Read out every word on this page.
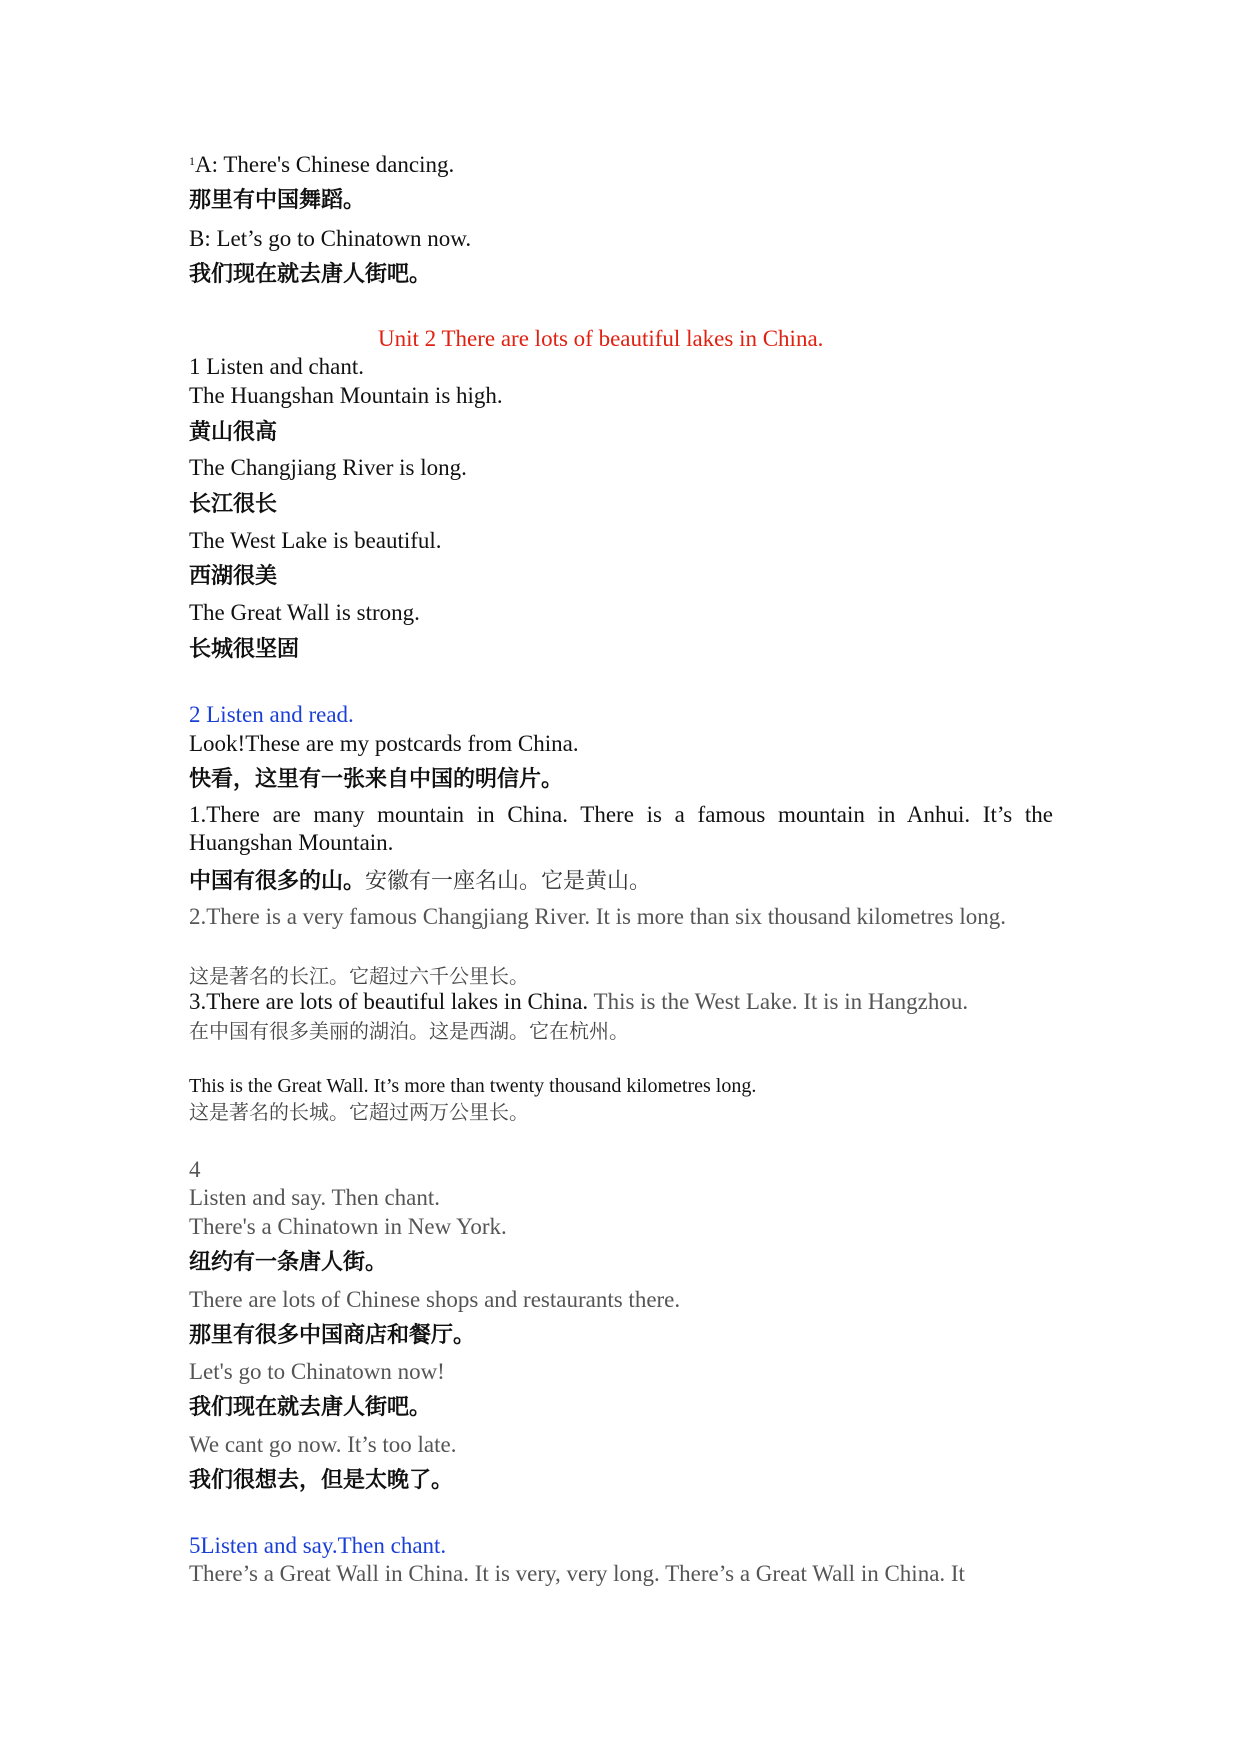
$^1$A: There's Chinese dancing.
那里有中国舞蹈。
B: Let’s go to Chinatown now.
我们现在就去唐人街吧。
Unit 2 There are lots of beautiful lakes in China.
1 Listen and chant.
The Huangshan Mountain is high.
黄山很高
The Changjiang River is long.
长江很长
The West Lake is beautiful.
西湖很美
The Great Wall is strong.
长城很坚固
2 Listen and read.
Look!These are my postcards from China.
快看，这里有一张来自中国的明信片。
1.There are many mountain in China. There is a famous mountain in Anhui. It’s the Huangshan Mountain.
中国有很多的山。安徽有一座名山。它是黄山。
2.There is a very famous Changjiang River. It is more than six thousand kilometres long.
这是著名的长江。它超过六千公里长。
3.There are lots of beautiful lakes in China. This is the West Lake. It is in Hangzhou.
在中国有很多美丽的湖泊。这是西湖。它在杭州。
This is the Great Wall. It’s more than twenty thousand kilometres long.
这是著名的长城。它超过两万公里长。
4
Listen and say. Then chant.
There's a Chinatown in New York.
纽约有一条唐人街。
There are lots of Chinese shops and restaurants there.
那里有很多中国商店和餐厅。
Let's go to Chinatown now!
我们现在就去唐人街吧。
We cant go now. It’s too late.
我们很想去，但是太晚了。
5Listen and say.Then chant.
There’s a Great Wall in China. It is very, very long. There’s a Great Wall in China. It
